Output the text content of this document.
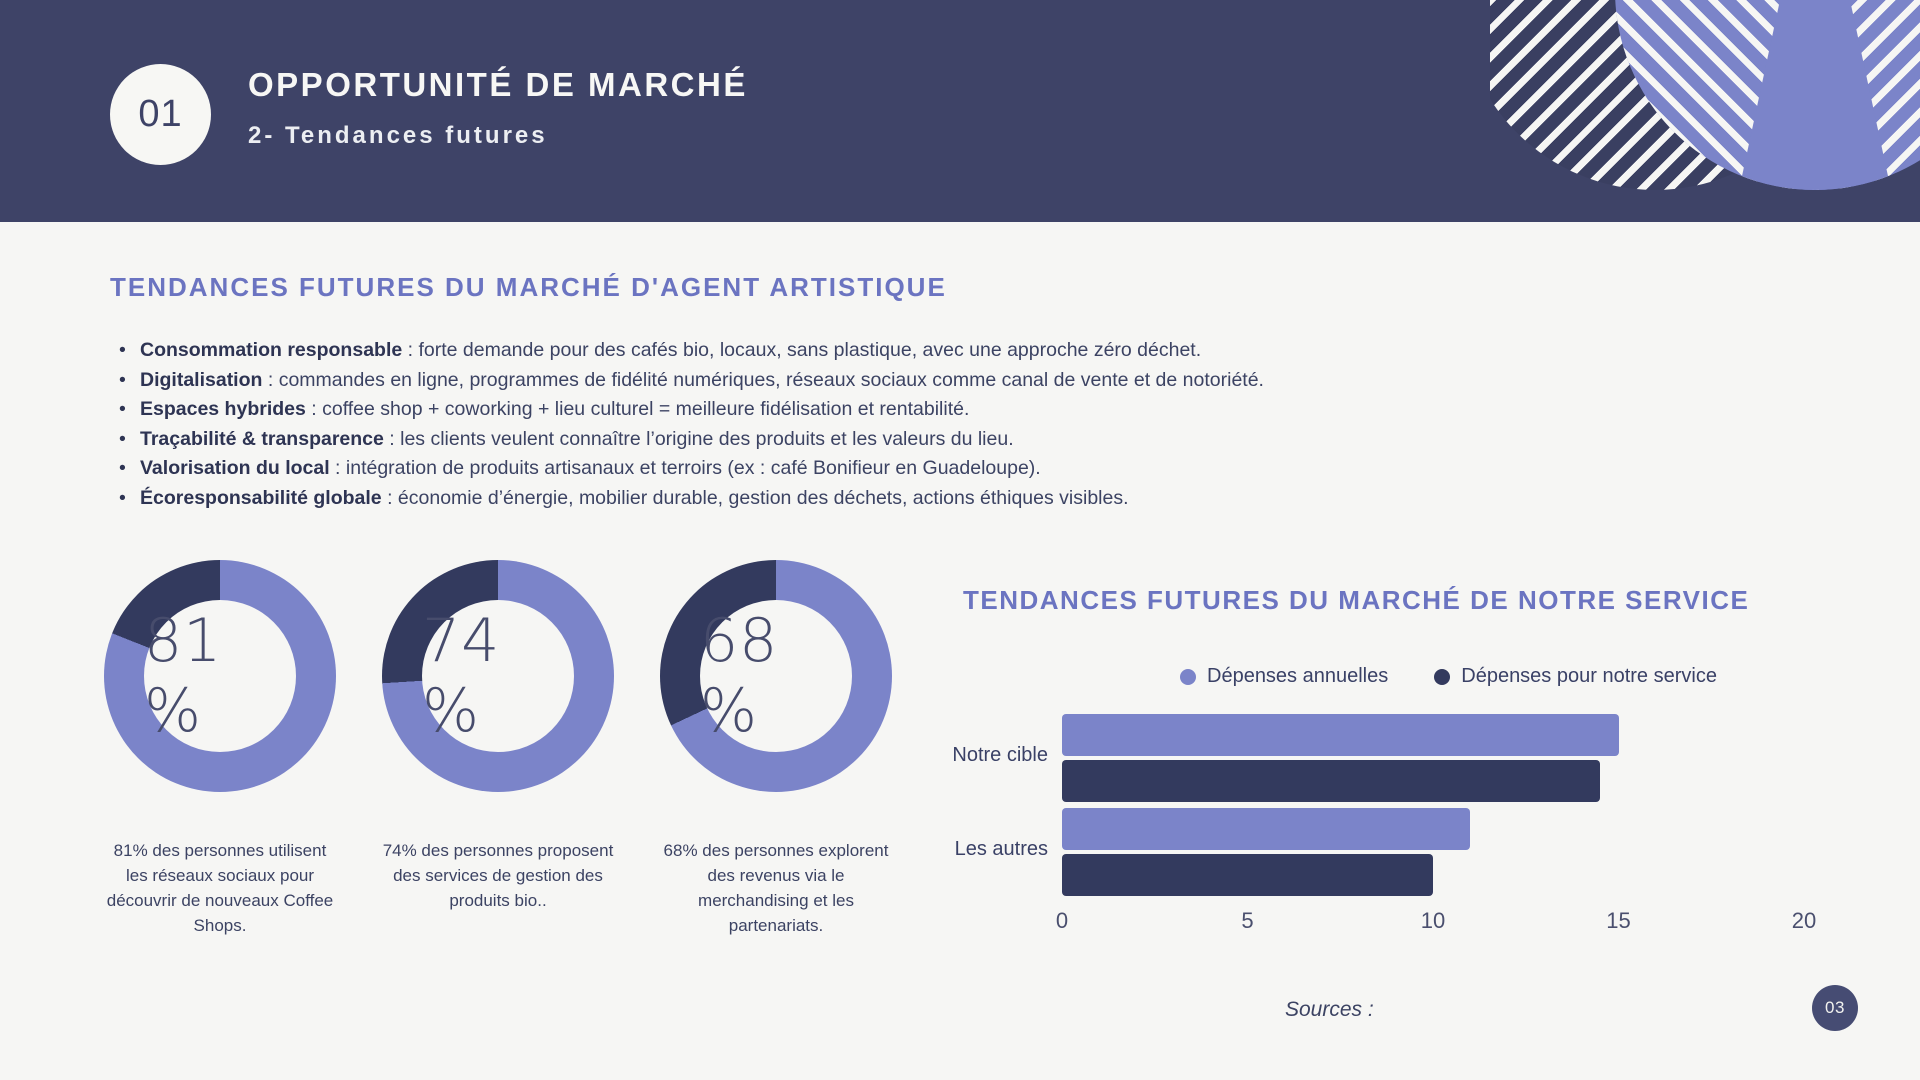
01
OPPORTUNITÉ DE MARCHÉ
2- Tendances futures
TENDANCES FUTURES DU MARCHÉ D'AGENT ARTISTIQUE
• Consommation responsable : forte demande pour des cafés bio, locaux, sans plastique, avec une approche zéro déchet.
• Digitalisation : commandes en ligne, programmes de fidélité numériques, réseaux sociaux comme canal de vente et de notoriété.
• Espaces hybrides : coffee shop + coworking + lieu culturel = meilleure fidélisation et rentabilité.
• Traçabilité & transparence : les clients veulent connaître l’origine des produits et les valeurs du lieu.
• Valorisation du local : intégration de produits artisanaux et terroirs (ex : café Bonifieur en Guadeloupe).
• Écoresponsabilité globale : économie d’énergie, mobilier durable, gestion des déchets, actions éthiques visibles.
81 %

81% des personnes utilisent les réseaux sociaux pour découvrir de nouveaux Coffee Shops.

74 %

74% des personnes proposent des services de gestion des produits bio..

68 %

68% des personnes explorent des revenus via le merchandising et les partenariats.

TENDANCES FUTURES DU MARCHÉ DE NOTRE SERVICE
Dépenses annuelles	Dépenses pour notre service
Notre cible
Les autres
0	5	10	15	20
Sources :	03
